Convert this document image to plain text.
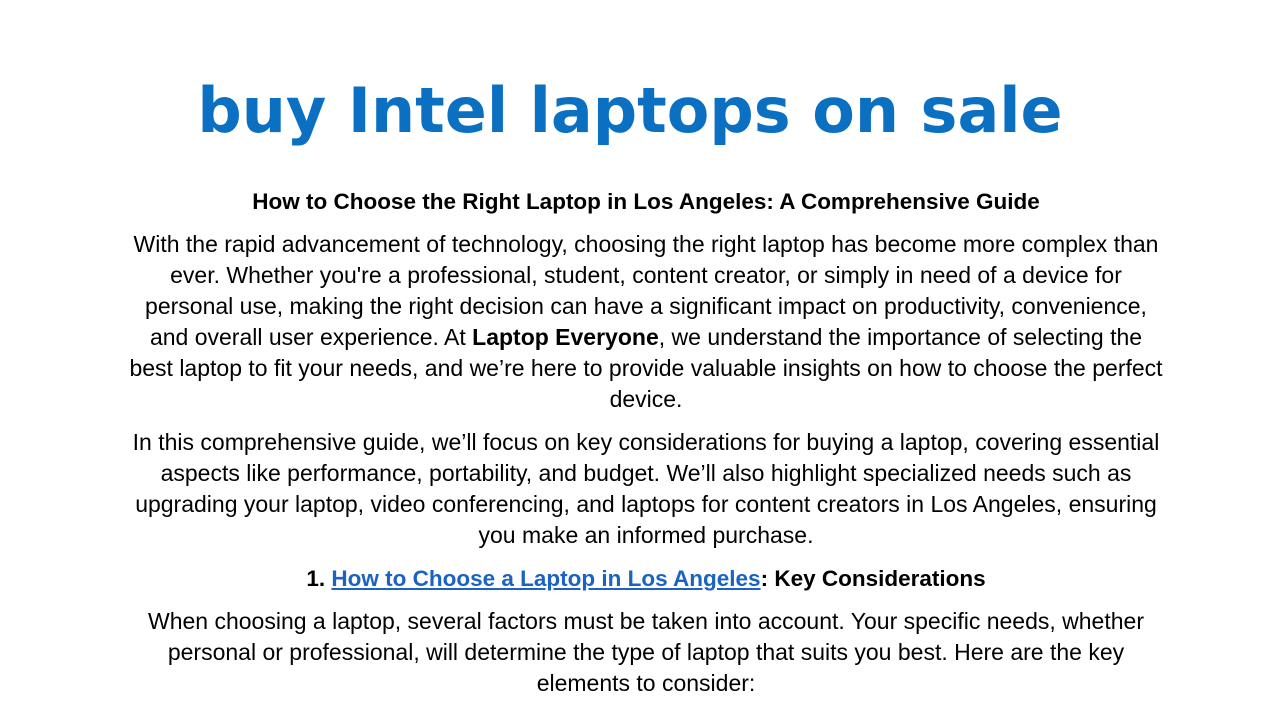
buy Intel laptops on sale

How to Choose the Right Laptop in Los Angeles: A Comprehensive Guide

With the rapid advancement of technology, choosing the right laptop has become more complex than ever. Whether you're a professional, student, content creator, or simply in need of a device for personal use, making the right decision can have a significant impact on productivity, convenience, and overall user experience. At Laptop Everyone, we understand the importance of selecting the best laptop to fit your needs, and we’re here to provide valuable insights on how to choose the perfect device.

In this comprehensive guide, we’ll focus on key considerations for buying a laptop, covering essential aspects like performance, portability, and budget. We’ll also highlight specialized needs such as upgrading your laptop, video conferencing, and laptops for content creators in Los Angeles, ensuring you make an informed purchase.

1. How to Choose a Laptop in Los Angeles: Key Considerations

When choosing a laptop, several factors must be taken into account. Your specific needs, whether personal or professional, will determine the type of laptop that suits you best. Here are the key elements to consider:
